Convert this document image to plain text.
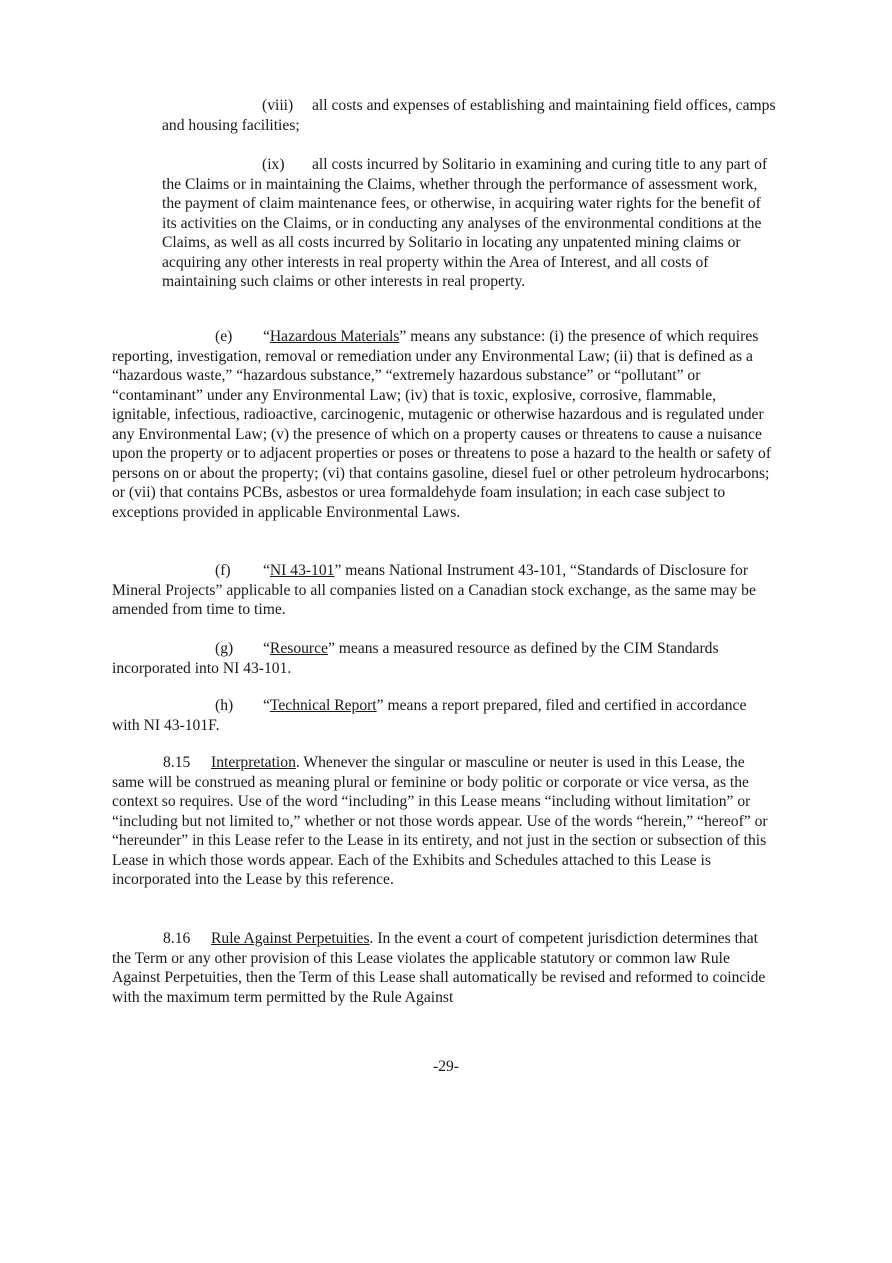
(viii) all costs and expenses of establishing and maintaining field offices, camps and housing facilities;

(ix) all costs incurred by Solitario in examining and curing title to any part of the Claims or in maintaining the Claims, whether through the performance of assessment work, the payment of claim maintenance fees, or otherwise, in acquiring water rights for the benefit of its activities on the Claims, or in conducting any analyses of the environmental conditions at the Claims, as well as all costs incurred by Solitario in locating any unpatented mining claims or acquiring any other interests in real property within the Area of Interest, and all costs of maintaining such claims or other interests in real property.

(e) “Hazardous Materials” means any substance: (i) the presence of which requires reporting, investigation, removal or remediation under any Environmental Law; (ii) that is defined as a “hazardous waste,” “hazardous substance,” “extremely hazardous substance” or “pollutant” or “contaminant” under any Environmental Law; (iv) that is toxic, explosive, corrosive, flammable, ignitable, infectious, radioactive, carcinogenic, mutagenic or otherwise hazardous and is regulated under any Environmental Law; (v) the presence of which on a property causes or threatens to cause a nuisance upon the property or to adjacent properties or poses or threatens to pose a hazard to the health or safety of persons on or about the property; (vi) that contains gasoline, diesel fuel or other petroleum hydrocarbons; or (vii) that contains PCBs, asbestos or urea formaldehyde foam insulation; in each case subject to exceptions provided in applicable Environmental Laws.

(f) “NI 43-101” means National Instrument 43-101, “Standards of Disclosure for Mineral Projects” applicable to all companies listed on a Canadian stock exchange, as the same may be amended from time to time.

(g) “Resource” means a measured resource as defined by the CIM Standards incorporated into NI 43-101.

(h) “Technical Report” means a report prepared, filed and certified in accordance with NI 43-101F.

8.15 Interpretation. Whenever the singular or masculine or neuter is used in this Lease, the same will be construed as meaning plural or feminine or body politic or corporate or vice versa, as the context so requires. Use of the word “including” in this Lease means “including without limitation” or “including but not limited to,” whether or not those words appear. Use of the words “herein,” “hereof” or “hereunder” in this Lease refer to the Lease in its entirety, and not just in the section or subsection of this Lease in which those words appear. Each of the Exhibits and Schedules attached to this Lease is incorporated into the Lease by this reference.

8.16 Rule Against Perpetuities. In the event a court of competent jurisdiction determines that the Term or any other provision of this Lease violates the applicable statutory or common law Rule Against Perpetuities, then the Term of this Lease shall automatically be revised and reformed to coincide with the maximum term permitted by the Rule Against

-29-
